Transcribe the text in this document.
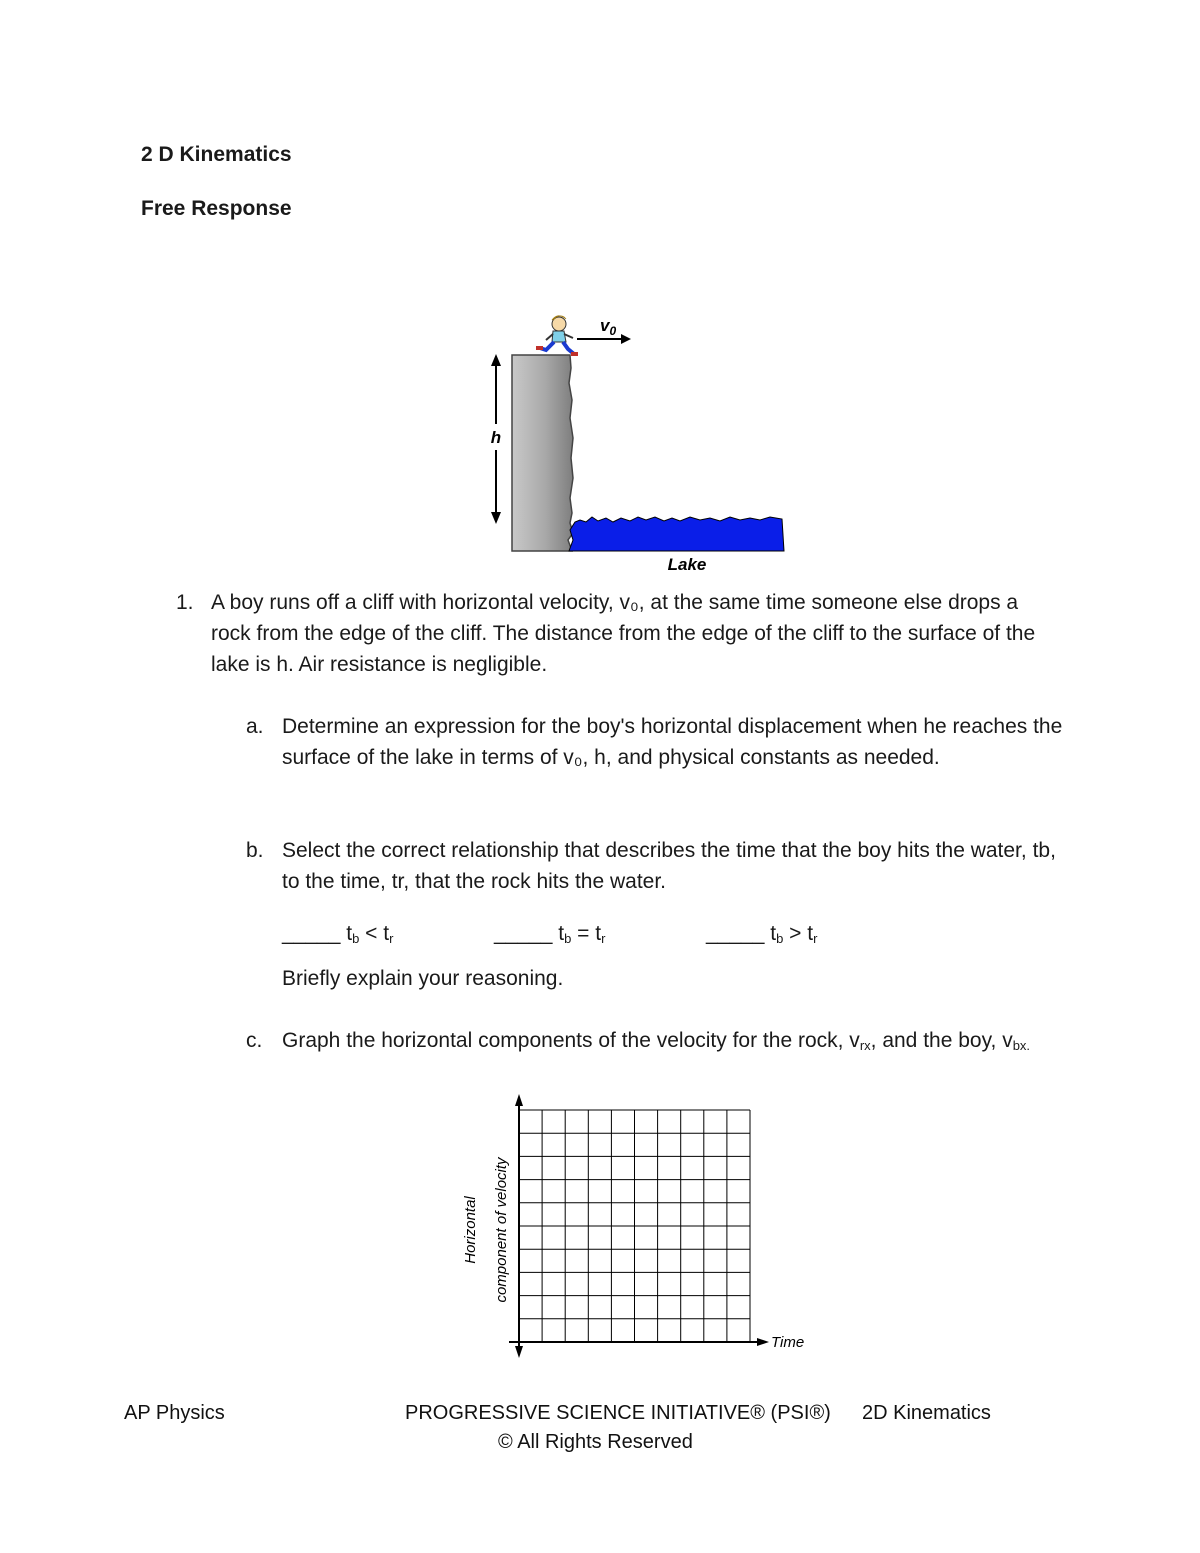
2 D Kinematics
Free Response
h
Lake
$v_0$
1. A boy runs off a cliff with horizontal velocity, v₀, at the same time someone else drops a rock from the edge of the cliff. The distance from the edge of the cliff to the surface of the lake is h. Air resistance is negligible.
a. Determine an expression for the boy's horizontal displacement when he reaches the surface of the lake in terms of v₀, h, and physical constants as needed.
b. Select the correct relationship that describes the time that the boy hits the water, tb, to the time, tr, that the rock hits the water.
_____ $t_b < t_r$	_____ $t_b = t_r$	_____ $t_b > t_r$
Briefly explain your reasoning.
c. Graph the horizontal components of the velocity for the rock, $v_{rx}$, and the boy, $v_{bx.}$
Time
Horizontal component of velocity
AP Physics	PROGRESSIVE SCIENCE INITIATIVE® (PSI®) 2D Kinematics
© All Rights Reserved
